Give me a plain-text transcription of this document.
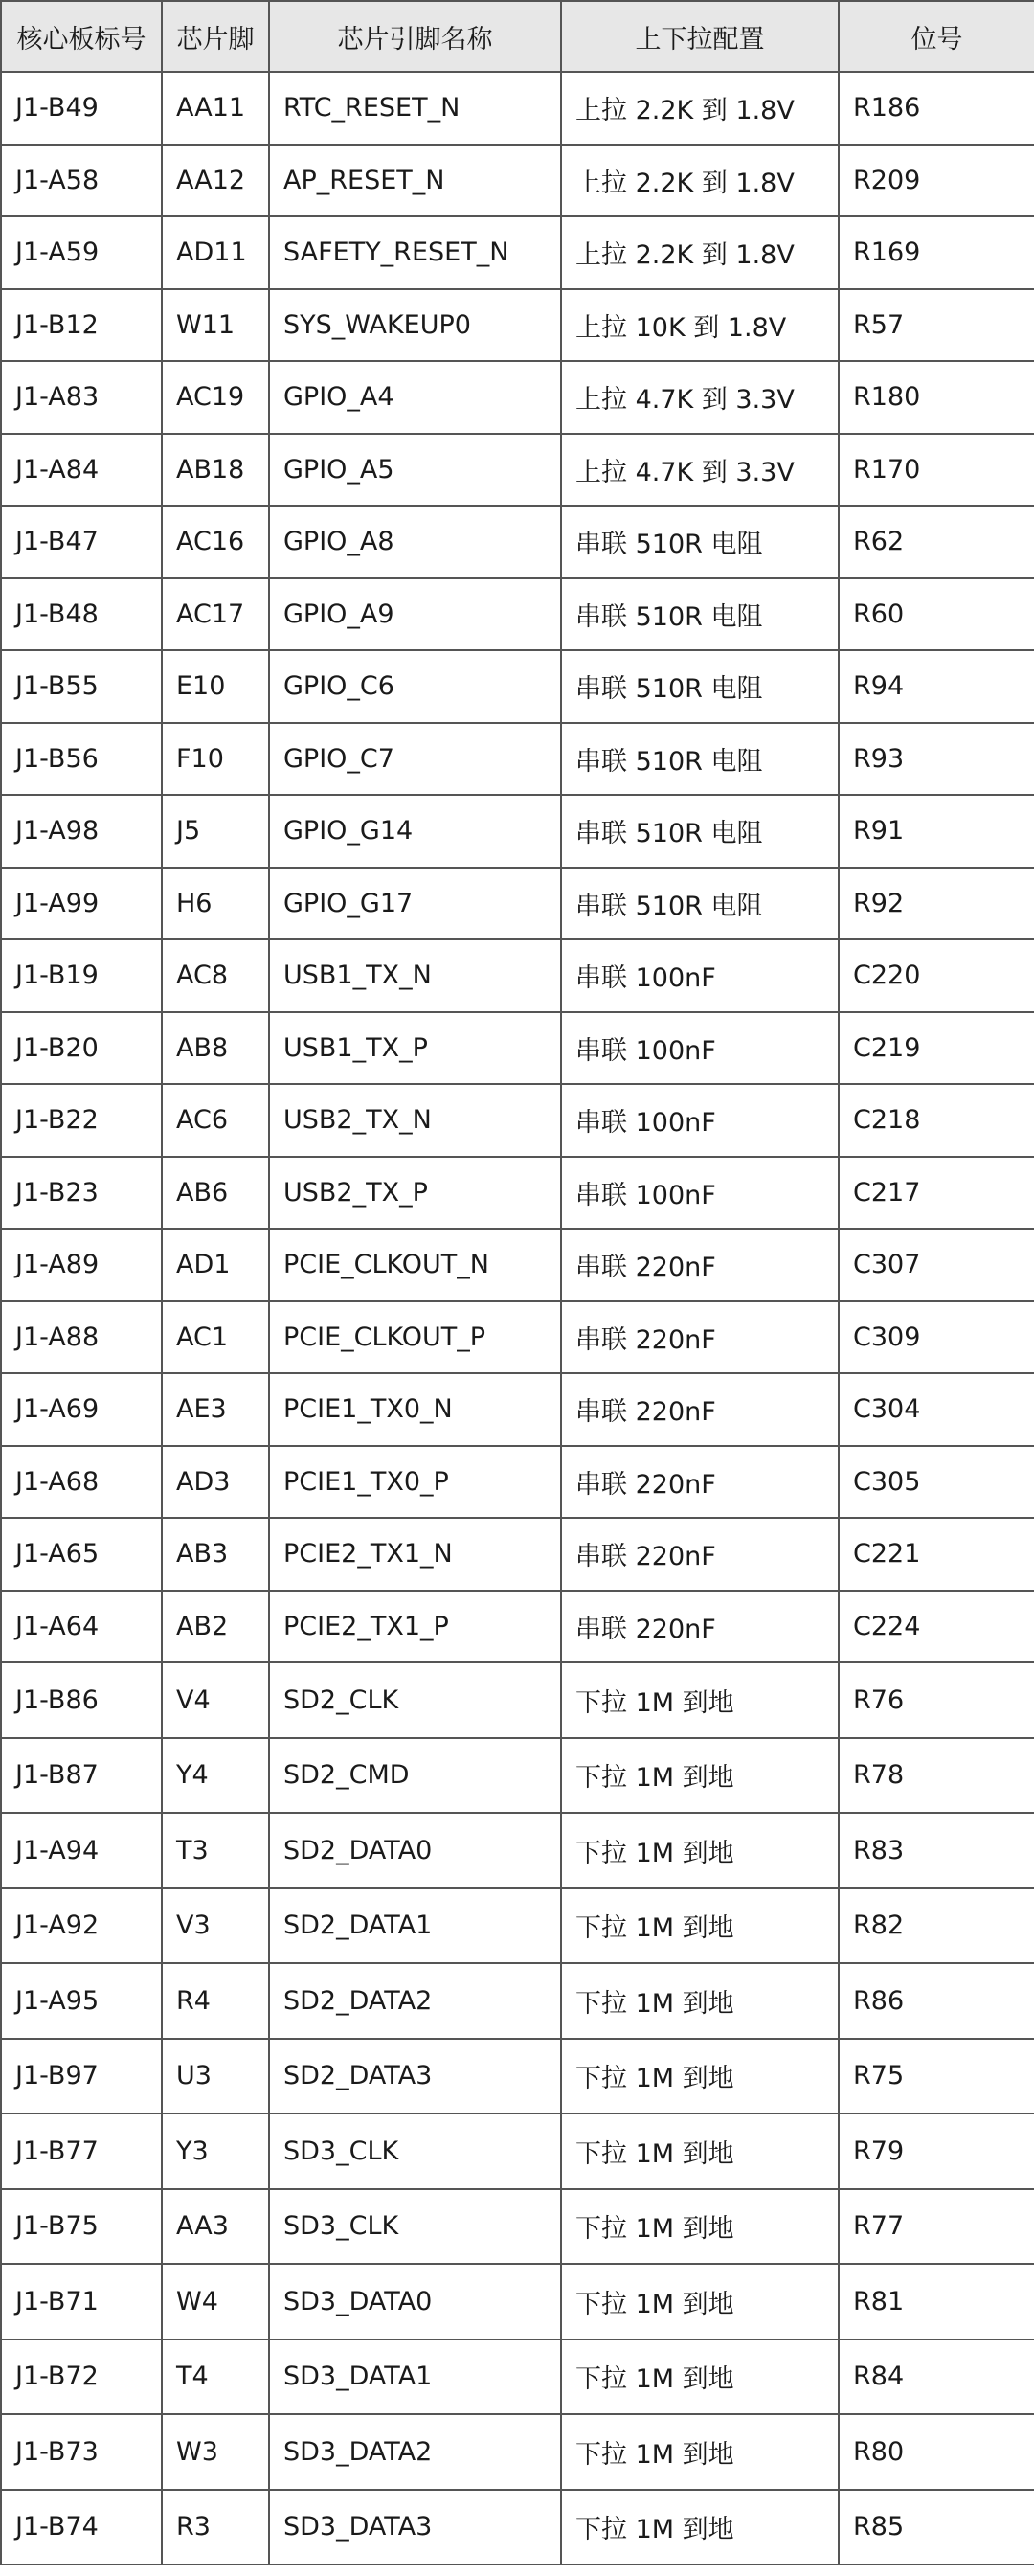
核心板标号	芯片脚	芯片引脚名称	上下拉配置	位号
J1-B49	AA11	RTC_RESET_N	上拉 2.2K 到 1.8V	R186
J1-A58	AA12	AP_RESET_N	上拉 2.2K 到 1.8V	R209
J1-A59	AD11	SAFETY_RESET_N	上拉 2.2K 到 1.8V	R169
J1-B12	W11	SYS_WAKEUP0	上拉 10K 到 1.8V	R57
J1-A83	AC19	GPIO_A4	上拉 4.7K 到 3.3V	R180
J1-A84	AB18	GPIO_A5	上拉 4.7K 到 3.3V	R170
J1-B47	AC16	GPIO_A8	串联 510R 电阻	R62
J1-B48	AC17	GPIO_A9	串联 510R 电阻	R60
J1-B55	E10	GPIO_C6	串联 510R 电阻	R94
J1-B56	F10	GPIO_C7	串联 510R 电阻	R93
J1-A98	J5	GPIO_G14	串联 510R 电阻	R91
J1-A99	H6	GPIO_G17	串联 510R 电阻	R92
J1-B19	AC8	USB1_TX_N	串联 100nF	C220
J1-B20	AB8	USB1_TX_P	串联 100nF	C219
J1-B22	AC6	USB2_TX_N	串联 100nF	C218
J1-B23	AB6	USB2_TX_P	串联 100nF	C217
J1-A89	AD1	PCIE_CLKOUT_N	串联 220nF	C307
J1-A88	AC1	PCIE_CLKOUT_P	串联 220nF	C309
J1-A69	AE3	PCIE1_TX0_N	串联 220nF	C304
J1-A68	AD3	PCIE1_TX0_P	串联 220nF	C305
J1-A65	AB3	PCIE2_TX1_N	串联 220nF	C221
J1-A64	AB2	PCIE2_TX1_P	串联 220nF	C224
J1-B86	V4	SD2_CLK	下拉 1M 到地	R76
J1-B87	Y4	SD2_CMD	下拉 1M 到地	R78
J1-A94	T3	SD2_DATA0	下拉 1M 到地	R83
J1-A92	V3	SD2_DATA1	下拉 1M 到地	R82
J1-A95	R4	SD2_DATA2	下拉 1M 到地	R86
J1-B97	U3	SD2_DATA3	下拉 1M 到地	R75
J1-B77	Y3	SD3_CLK	下拉 1M 到地	R79
J1-B75	AA3	SD3_CLK	下拉 1M 到地	R77
J1-B71	W4	SD3_DATA0	下拉 1M 到地	R81
J1-B72	T4	SD3_DATA1	下拉 1M 到地	R84
J1-B73	W3	SD3_DATA2	下拉 1M 到地	R80
J1-B74	R3	SD3_DATA3	下拉 1M 到地	R85
